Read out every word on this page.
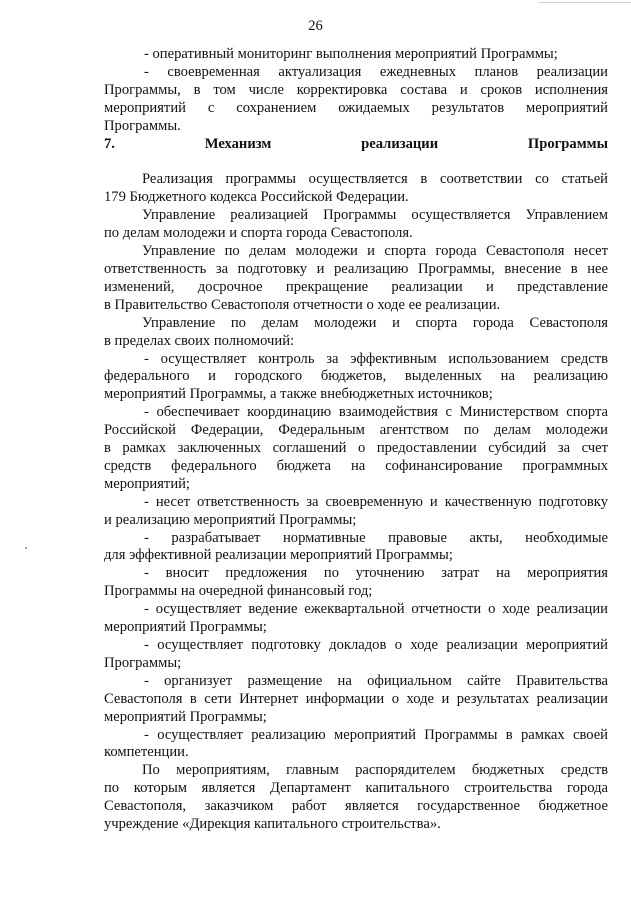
26

- оперативный мониторинг выполнения мероприятий Программы;

- своевременная актуализация ежедневных планов реализации

Программы, в том числе корректировка состава и сроков исполнения

мероприятий с сохранением ожидаемых результатов мероприятий

Программы.

7. Механизм реализации Программы

Реализация программы осуществляется в соответствии со статьей

179 Бюджетного кодекса Российской Федерации.

Управление реализацией Программы осуществляется Управлением

по делам молодежи и спорта города Севастополя.

Управление по делам молодежи и спорта города Севастополя несет

ответственность за подготовку и реализацию Программы, внесение в нее

изменений, досрочное прекращение реализации и представление

в Правительство Севастополя отчетности о ходе ее реализации.

Управление по делам молодежи и спорта города Севастополя

в пределах своих полномочий:

- осуществляет контроль за эффективным использованием средств

федерального и городского бюджетов, выделенных на реализацию

мероприятий Программы, а также внебюджетных источников;

- обеспечивает координацию взаимодействия с Министерством спорта

Российской Федерации, Федеральным агентством по делам молодежи

в рамках заключенных соглашений о предоставлении субсидий за счет

средств федерального бюджета на софинансирование программных

мероприятий;

- несет ответственность за своевременную и качественную подготовку

и реализацию мероприятий Программы;

- разрабатывает нормативные правовые акты, необходимые

для эффективной реализации мероприятий Программы;

- вносит предложения по уточнению затрат на мероприятия

Программы на очередной финансовый год;

- осуществляет ведение ежеквартальной отчетности о ходе реализации

мероприятий Программы;

- осуществляет подготовку докладов о ходе реализации мероприятий

Программы;

- организует размещение на официальном сайте Правительства

Севастополя в сети Интернет информации о ходе и результатах реализации

мероприятий Программы;

- осуществляет реализацию мероприятий Программы в рамках своей

компетенции.

По мероприятиям, главным распорядителем бюджетных средств

по которым является Департамент капитального строительства города

Севастополя, заказчиком работ является государственное бюджетное

учреждение «Дирекция капитального строительства».
